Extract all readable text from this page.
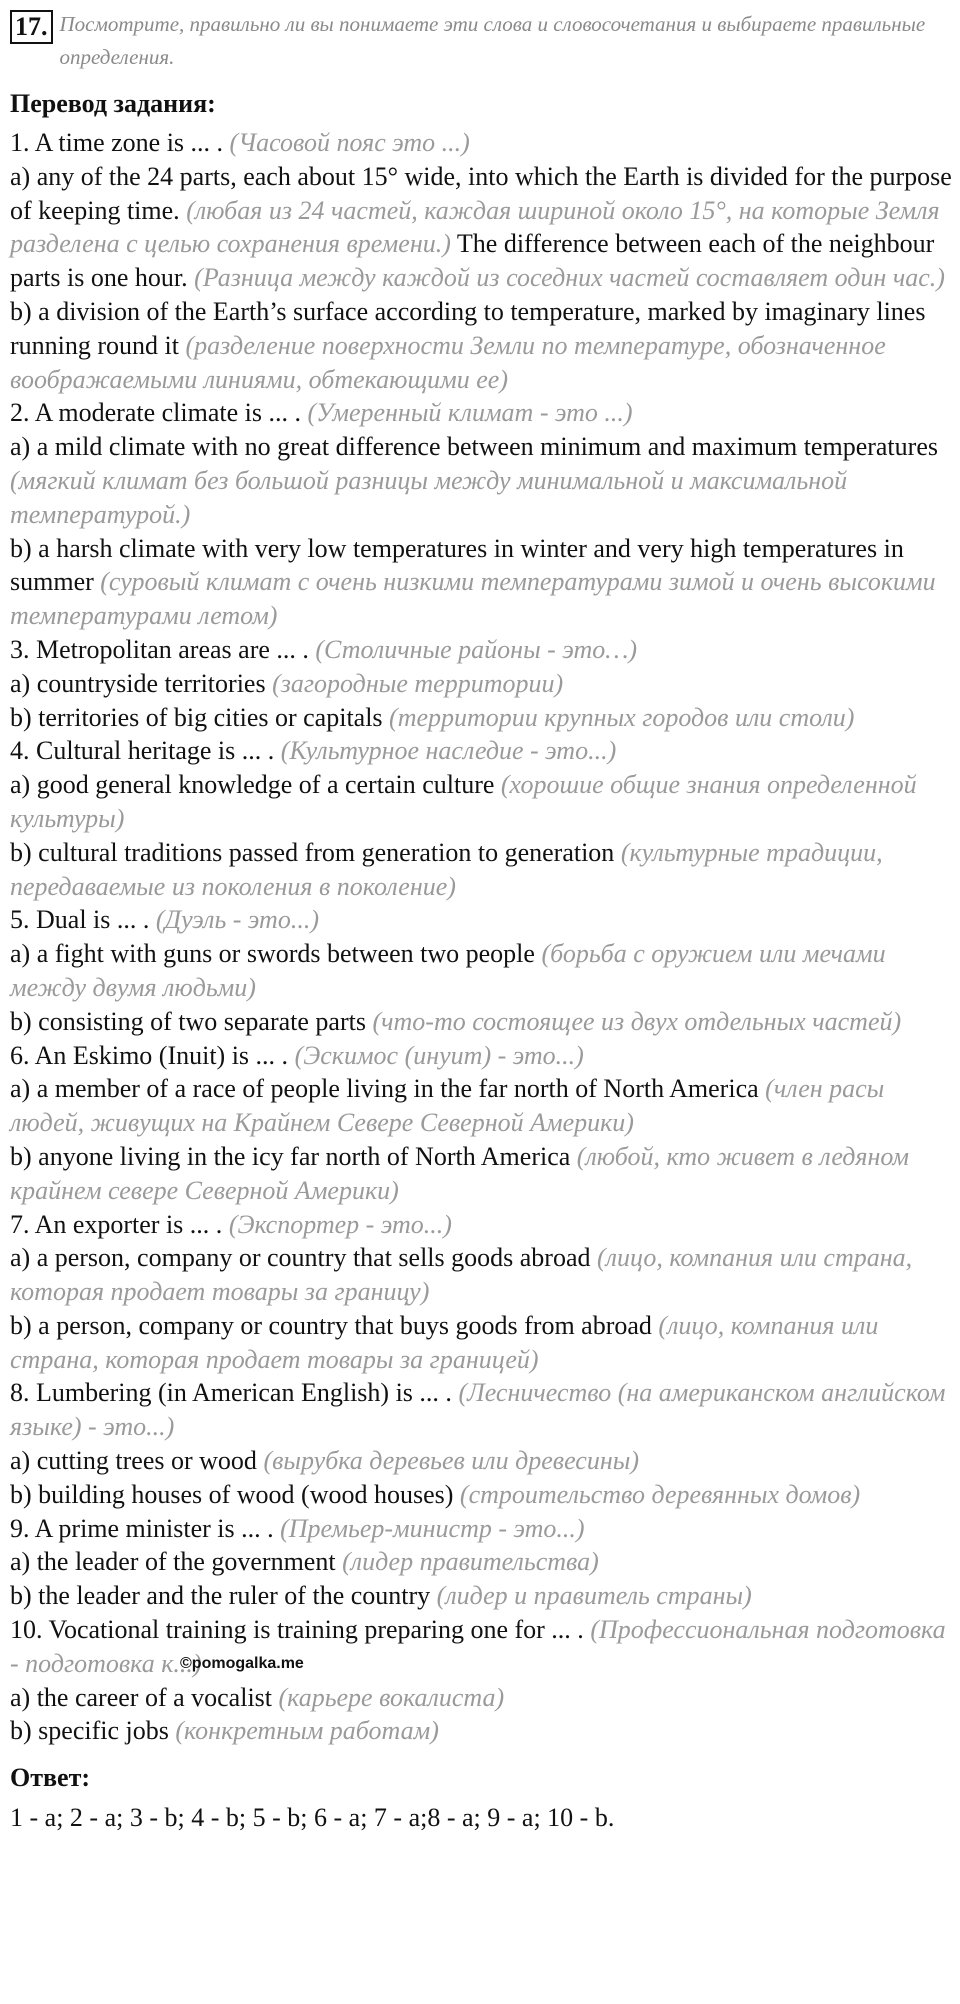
17. Посмотрите, правильно ли вы понимаете эти слова и словосочетания и выбираете правильные определения.
Перевод задания:

1. A time zone is ... . (Часовой пояс это ...)

a) any of the 24 parts, each about 15° wide, into which the Earth is divided for the purpose of keeping time. (любая из 24 частей, каждая шириной около 15°, на которые Земля разделена с целью сохранения времени.) The difference between each of the neighbour parts is one hour. (Разница между каждой из соседних частей составляет один час.)

b) a division of the Earth’s surface according to temperature, marked by imaginary lines running round it (разделение поверхности Земли по температуре, обозначенное воображаемыми линиями, обтекающими ее)

2. A moderate climate is ... . (Умеренный климат - это ...)

a) a mild climate with no great difference between minimum and maximum temperatures (мягкий климат без большой разницы между минимальной и максимальной температурой.)

b) a harsh climate with very low temperatures in winter and very high temperatures in summer (суровый климат с очень низкими температурами зимой и очень высокими температурами летом)

3. Metropolitan areas are ... . (Столичные районы - это…)

a) countryside territories (загородные территории)

b) territories of big cities or capitals (территории крупных городов или столи)

4. Cultural heritage is ... . (Культурное наследие - это...)

a) good general knowledge of a certain culture (хорошие общие знания определенной культуры)

b) cultural traditions passed from generation to generation (культурные традиции, передаваемые из поколения в поколение)

5. Dual is ... . (Дуэль - это...)

a) a fight with guns or swords between two people (борьба с оружием или мечами между двумя людьми)

b) consisting of two separate parts (что-то состоящее из двух отдельных частей)

6. An Eskimo (Inuit) is ... . (Эскимос (инуит) - это...)

a) a member of a race of people living in the far north of North America (член расы людей, живущих на Крайнем Севере Северной Америки)

b) anyone living in the icy far north of North America (любой, кто живет в ледяном крайнем севере Северной Америки)

7. An exporter is ... . (Экспортер - это...)

a) a person, company or country that sells goods abroad (лицо, компания или страна, которая продает товары за границу)

b) a person, company or country that buys goods from abroad (лицо, компания или страна, которая продает товары за границей)

8. Lumbering (in American English) is ... . (Лесничество (на американском английском языке) - это...)

a) cutting trees or wood (вырубка деревьев или древесины)

b) building houses of wood (wood houses) (строительство деревянных домов)

9. A prime minister is ... . (Премьер-министр - это...)

a) the leader of the government (лидер правительства)

b) the leader and the ruler of the country (лидер и правитель страны)

10. Vocational training is training preparing one for ... . (Профессиональная подготовка - подготовка к...)

a) the career of a vocalist (карьере вокалиста)

b) specific jobs (конкретным работам)

Ответ:
1 - a; 2 - a; 3 - b; 4 - b; 5 - b; 6 - a; 7 - a;8 - a; 9 - a; 10 - b.
©pomogalka.me
